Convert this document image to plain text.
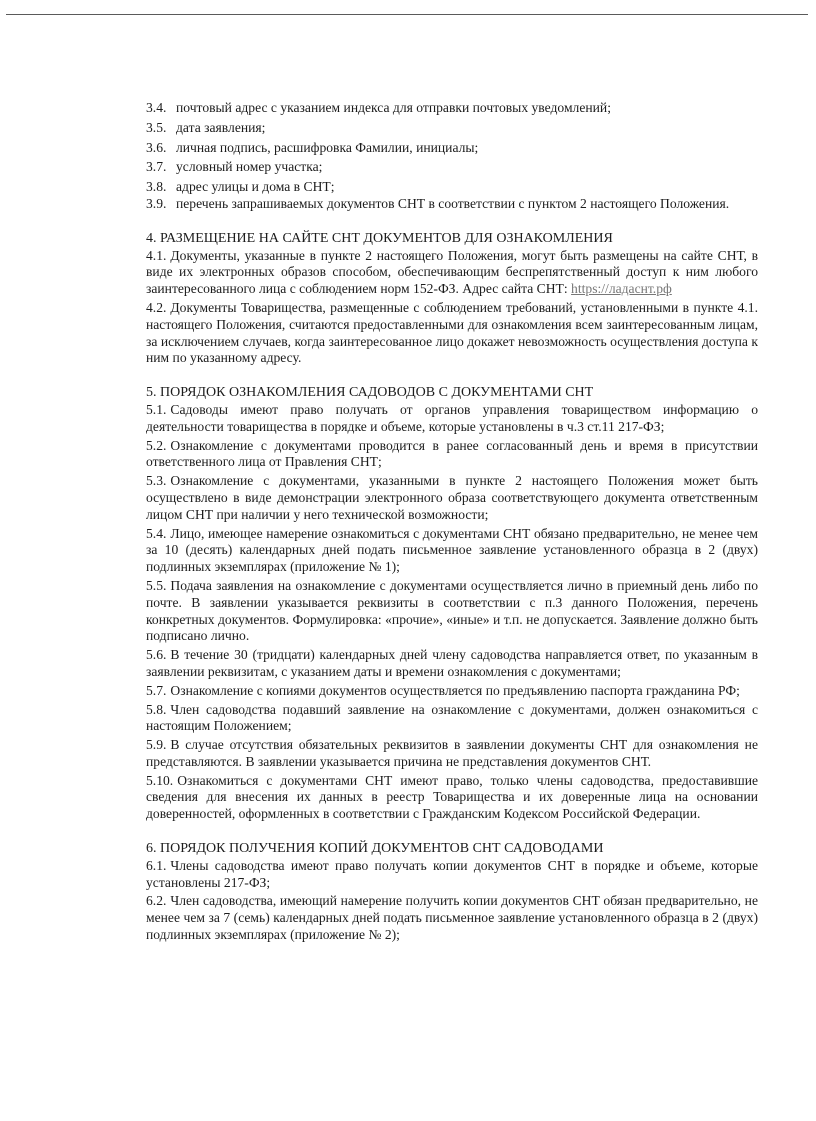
3.4. почтовый адрес с указанием индекса для отправки почтовых уведомлений;
3.5. дата заявления;
3.6. личная подпись, расшифровка Фамилии, инициалы;
3.7. условный номер участка;
3.8. адрес улицы и дома в СНТ;
3.9. перечень запрашиваемых документов СНТ в соответствии с пунктом 2 настоящего Положения.
4. РАЗМЕЩЕНИЕ НА САЙТЕ СНТ ДОКУМЕНТОВ ДЛЯ ОЗНАКОМЛЕНИЯ

4.1. Документы, указанные в пункте 2 настоящего Положения, могут быть размещены на сайте СНТ, в виде их электронных образов способом, обеспечивающим беспрепятственный доступ к ним любого заинтересованного лица с соблюдением норм 152-ФЗ. Адрес сайта СНТ: https://ладаснт.рф

4.2. Документы Товарищества, размещенные с соблюдением требований, установленными в пункте 4.1. настоящего Положения, считаются предоставленными для ознакомления всем заинтересованным лицам, за исключением случаев, когда заинтересованное лицо докажет невозможность осуществления доступа к ним по указанному адресу.

5. ПОРЯДОК ОЗНАКОМЛЕНИЯ САДОВОДОВ С ДОКУМЕНТАМИ СНТ

5.1. Садоводы имеют право получать от органов управления товариществом информацию о деятельности товарищества в порядке и объеме, которые установлены в ч.3 ст.11 217-ФЗ;

5.2. Ознакомление с документами проводится в ранее согласованный день и время в присутствии ответственного лица от Правления СНТ;

5.3. Ознакомление с документами, указанными в пункте 2 настоящего Положения может быть осуществлено в виде демонстрации электронного образа соответствующего документа ответственным лицом СНТ при наличии у него технической возможности;

5.4. Лицо, имеющее намерение ознакомиться с документами СНТ обязано предварительно, не менее чем за 10 (десять) календарных дней подать письменное заявление установленного образца в 2 (двух) подлинных экземплярах (приложение № 1);

5.5. Подача заявления на ознакомление с документами осуществляется лично в приемный день либо по почте. В заявлении указывается реквизиты в соответствии с п.3 данного Положения, перечень конкретных документов. Формулировка: «прочие», «иные» и т.п. не допускается. Заявление должно быть подписано лично.

5.6. В течение 30 (тридцати) календарных дней члену садоводства направляется ответ, по указанным в заявлении реквизитам, с указанием даты и времени ознакомления с документами;

5.7. Ознакомление с копиями документов осуществляется по предъявлению паспорта гражданина РФ;

5.8. Член садоводства подавший заявление на ознакомление с документами, должен ознакомиться с настоящим Положением;

5.9. В случае отсутствия обязательных реквизитов в заявлении документы СНТ для ознакомления не представляются. В заявлении указывается причина не представления документов СНТ.

5.10. Ознакомиться с документами СНТ имеют право, только члены садоводства, предоставившие сведения для внесения их данных в реестр Товарищества и их доверенные лица на основании доверенностей, оформленных в соответствии с Гражданским Кодексом Российской Федерации.

6. ПОРЯДОК ПОЛУЧЕНИЯ КОПИЙ ДОКУМЕНТОВ СНТ САДОВОДАМИ

6.1. Члены садоводства имеют право получать копии документов СНТ в порядке и объеме, которые установлены 217-ФЗ;

6.2. Член садоводства, имеющий намерение получить копии документов СНТ обязан предварительно, не менее чем за 7 (семь) календарных дней подать письменное заявление установленного образца в 2 (двух) подлинных экземплярах (приложение № 2);
